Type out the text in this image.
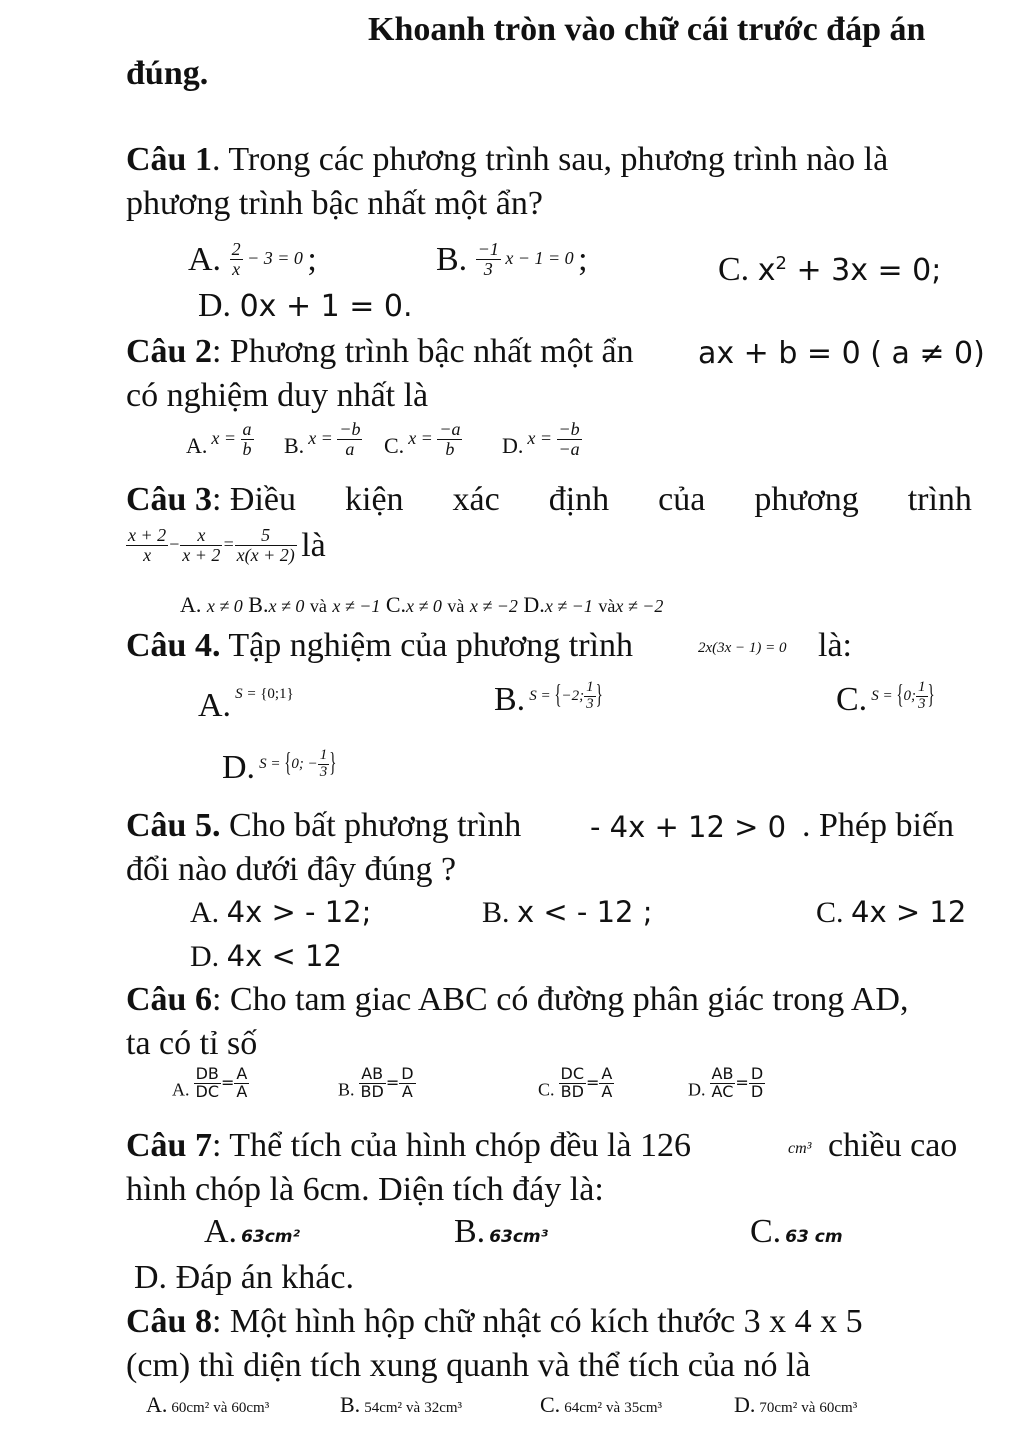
Khoanh tròn vào chữ cái trước đáp án
đúng.
Câu 1. Trong các phương trình sau, phương trình nào là
phương trình bậc nhất một ẩn?
A. $\frac{2}{x} - 3 = 0$ ;	B. $\frac{-1}{3}$ x − 1 = 0 ;	C. $x^2 + 3x = 0$;
D. 0x + 1 = 0.
Câu 2: Phương trình bậc nhất một ẩn ax + b = 0 ( a ≠ 0)
có nghiệm duy nhất là
A. $x = \frac{a}{b} B$. $x = \frac{-b}{a} C$. $x = \frac{-a}{b} D$. $x = \frac{-b}{-a}$
Câu 3: Điều kiện xác định của phương trình
$\frac{x + 2}{x} - \frac{x}{x + 2} = \frac{5}{x(x + 2)}$ là
A. x ≠ 0 B.x ≠ 0 và x ≠ −1 C.x ≠ 0 và x ≠ −2 D.x ≠ −1 vàx ≠ −2
Câu 4. Tập nghiệm của phương trình	2x(3x − 1) = 0 là:
A. S = {0;1}	B. S = {−2; $\frac{1}{3}$ }	C. S = {0; $\frac{1}{3}$ }
D. S = {0; − $\frac{1}{3}$ }
Câu 5. Cho bất phương trình - 4x + 12 > 0 . Phép biến
đổi nào dưới đây đúng ?
A. 4x > - 12;	B. x < - 12 ;	C. 4x > 12
D. 4x < 12
Câu 6: Cho tam giac ABC có đường phân giác trong AD,
ta có tỉ số
A. $\frac{DB}{DC} = \frac{A}{A}$	B. $\frac{AB}{BD} = \frac{D}{A}$	C. $\frac{DC}{BD} = \frac{A}{A}$	D. $\frac{AB}{AC} = \frac{D}{D}$
Câu 7: Thể tích của hình chóp đều là 126	cm³ chiều cao
hình chóp là 6cm. Diện tích đáy là:
A. 63cm²	B. 63cm³	C. 63 cm
D. Đáp án khác.
Câu 8: Một hình hộp chữ nhật có kích thước 3 x 4 x 5
(cm) thì diện tích xung quanh và thể tích của nó là
A. 60cm² và 60cm³	B. 54cm² và 32cm³	C. 64cm² và 35cm³	D. 70cm² và 60cm³
